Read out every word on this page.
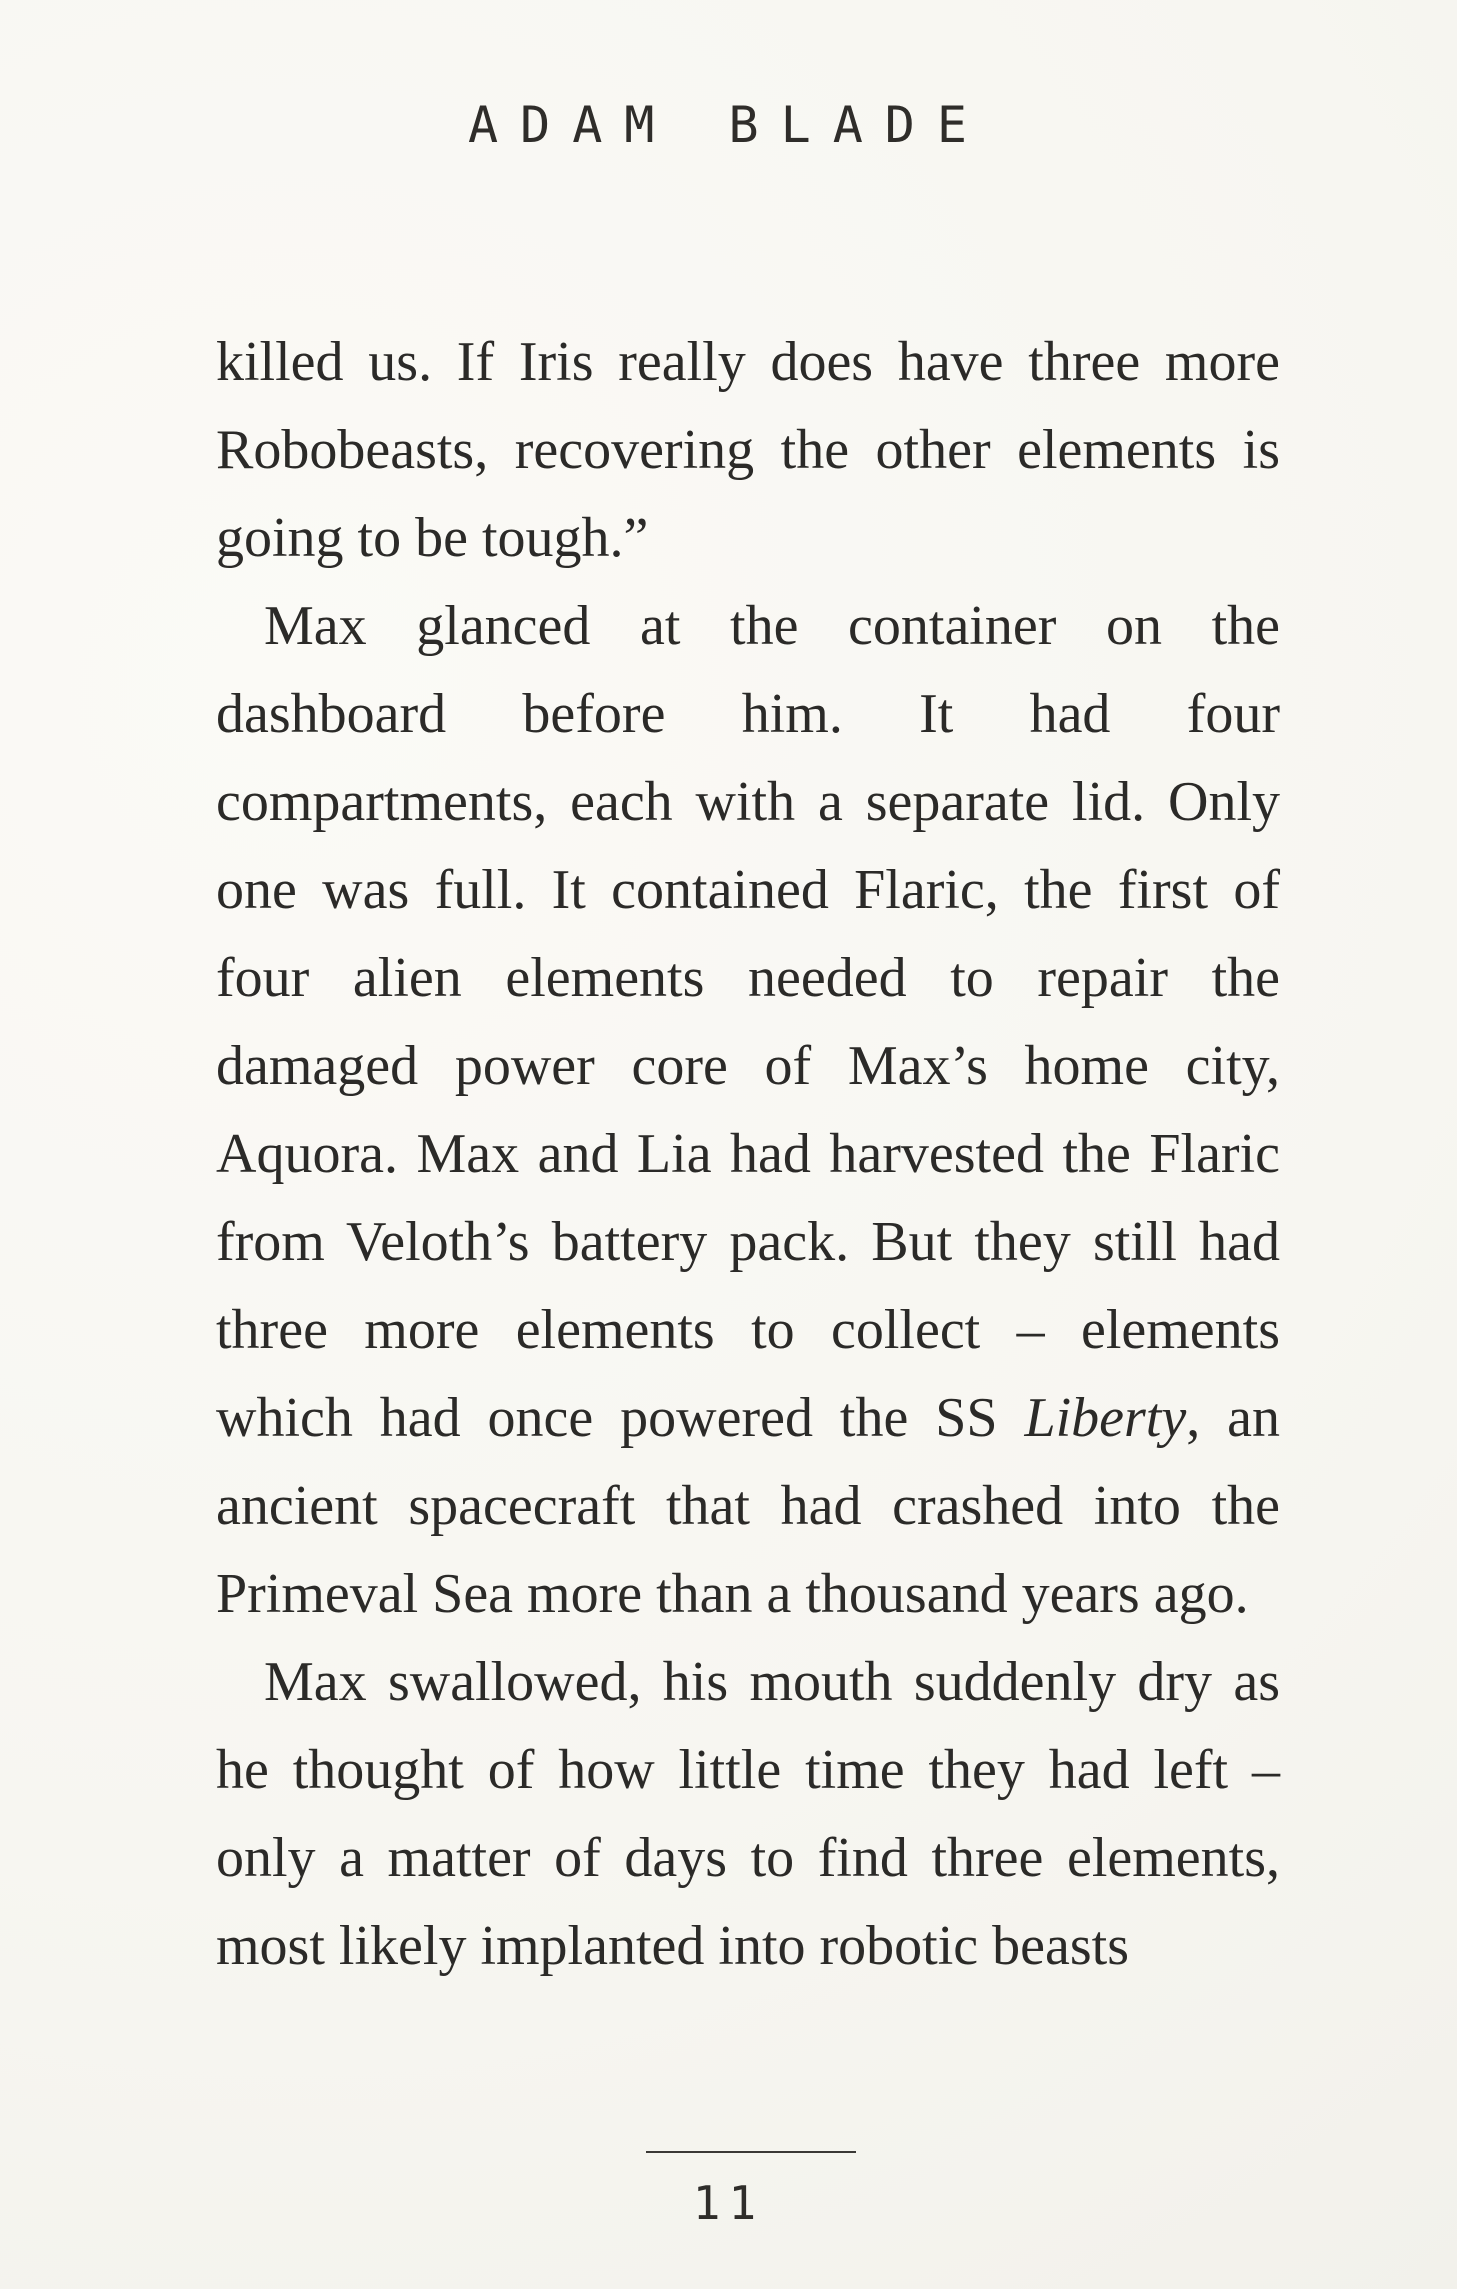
ADAM BLADE

killed us. If Iris really does have three more Robobeasts, recovering the other elements is going to be tough.”

Max glanced at the container on the dashboard before him. It had four compartments, each with a separate lid. Only one was full. It contained Flaric, the first of four alien elements needed to repair the damaged power core of Max’s home city, Aquora. Max and Lia had harvested the Flaric from Veloth’s battery pack. But they still had three more elements to collect – elements which had once powered the SS Liberty, an ancient spacecraft that had crashed into the Primeval Sea more than a thousand years ago.

Max swallowed, his mouth suddenly dry as he thought of how little time they had left – only a matter of days to find three elements, most likely implanted into robotic beasts

11
